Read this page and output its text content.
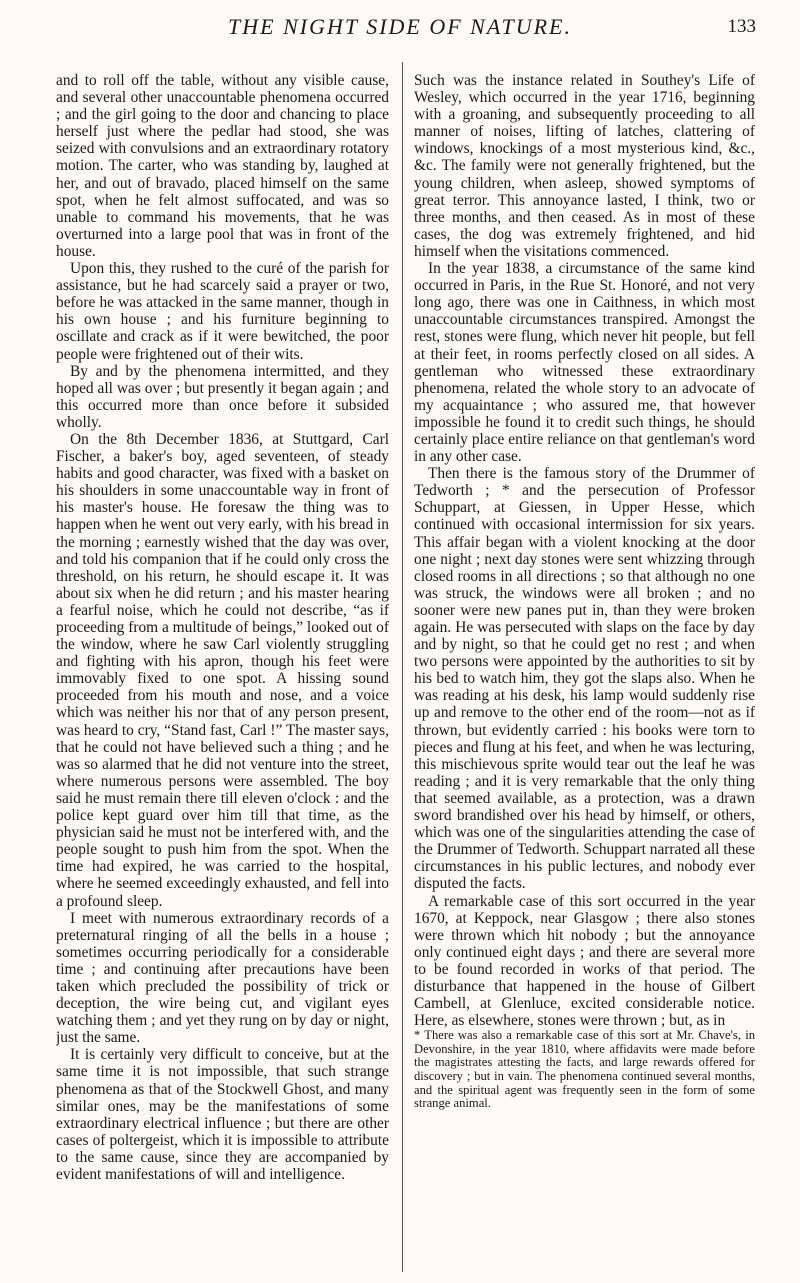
THE NIGHT SIDE OF NATURE.	133

and to roll off the table, without any visible cause, and several other unaccountable phenomena occurred ; and the girl going to the door and chancing to place herself just where the pedlar had stood, she was seized with convulsions and an extraordinary rotatory motion. The carter, who was standing by, laughed at her, and out of bravado, placed himself on the same spot, when he felt almost suffocated, and was so unable to command his movements, that he was overturned into a large pool that was in front of the house.

Upon this, they rushed to the curé of the parish for assistance, but he had scarcely said a prayer or two, before he was attacked in the same manner, though in his own house ; and his furniture beginning to oscillate and crack as if it were bewitched, the poor people were frightened out of their wits.

By and by the phenomena intermitted, and they hoped all was over ; but presently it began again ; and this occurred more than once before it subsided wholly.

On the 8th December 1836, at Stuttgard, Carl Fischer, a baker's boy, aged seventeen, of steady habits and good character, was fixed with a basket on his shoulders in some unaccountable way in front of his master's house. He foresaw the thing was to happen when he went out very early, with his bread in the morning ; earnestly wished that the day was over, and told his companion that if he could only cross the threshold, on his return, he should escape it. It was about six when he did return ; and his master hearing a fearful noise, which he could not describe, “as if proceeding from a multitude of beings,” looked out of the window, where he saw Carl violently struggling and fighting with his apron, though his feet were immovably fixed to one spot. A hissing sound proceeded from his mouth and nose, and a voice which was neither his nor that of any person present, was heard to cry, “Stand fast, Carl !” The master says, that he could not have believed such a thing ; and he was so alarmed that he did not venture into the street, where numerous persons were assembled. The boy said he must remain there till eleven o'clock : and the police kept guard over him till that time, as the physician said he must not be interfered with, and the people sought to push him from the spot. When the time had expired, he was carried to the hospital, where he seemed exceedingly exhausted, and fell into a profound sleep.

I meet with numerous extraordinary records of a preternatural ringing of all the bells in a house ; sometimes occurring periodically for a considerable time ; and continuing after precautions have been taken which precluded the possibility of trick or deception, the wire being cut, and vigilant eyes watching them ; and yet they rung on by day or night, just the same.

It is certainly very difficult to conceive, but at the same time it is not impossible, that such strange phenomena as that of the Stockwell Ghost, and many similar ones, may be the manifestations of some extraordinary electrical influence ; but there are other cases of poltergeist, which it is impossible to attribute to the same cause, since they are accompanied by evident manifestations of will and intelligence.

Such was the instance related in Southey's Life of Wesley, which occurred in the year 1716, beginning with a groaning, and subsequently proceeding to all manner of noises, lifting of latches, clattering of windows, knockings of a most mysterious kind, &c., &c. The family were not generally frightened, but the young children, when asleep, showed symptoms of great terror. This annoyance lasted, I think, two or three months, and then ceased. As in most of these cases, the dog was extremely frightened, and hid himself when the visitations commenced.

In the year 1838, a circumstance of the same kind occurred in Paris, in the Rue St. Honoré, and not very long ago, there was one in Caithness, in which most unaccountable circumstances transpired. Amongst the rest, stones were flung, which never hit people, but fell at their feet, in rooms perfectly closed on all sides. A gentleman who witnessed these extraordinary phenomena, related the whole story to an advocate of my acquaintance ; who assured me, that however impossible he found it to credit such things, he should certainly place entire reliance on that gentleman's word in any other case.

Then there is the famous story of the Drummer of Tedworth ; * and the persecution of Professor Schuppart, at Giessen, in Upper Hesse, which continued with occasional intermission for six years. This affair began with a violent knocking at the door one night ; next day stones were sent whizzing through closed rooms in all directions ; so that although no one was struck, the windows were all broken ; and no sooner were new panes put in, than they were broken again. He was persecuted with slaps on the face by day and by night, so that he could get no rest ; and when two persons were appointed by the authorities to sit by his bed to watch him, they got the slaps also. When he was reading at his desk, his lamp would suddenly rise up and remove to the other end of the room—not as if thrown, but evidently carried : his books were torn to pieces and flung at his feet, and when he was lecturing, this mischievous sprite would tear out the leaf he was reading ; and it is very remarkable that the only thing that seemed available, as a protection, was a drawn sword brandished over his head by himself, or others, which was one of the singularities attending the case of the Drummer of Tedworth. Schuppart narrated all these circumstances in his public lectures, and nobody ever disputed the facts.

A remarkable case of this sort occurred in the year 1670, at Keppock, near Glasgow ; there also stones were thrown which hit nobody ; but the annoyance only continued eight days ; and there are several more to be found recorded in works of that period. The disturbance that happened in the house of Gilbert Cambell, at Glenluce, excited considerable notice. Here, as elsewhere, stones were thrown ; but, as in

* There was also a remarkable case of this sort at Mr. Chave's, in Devonshire, in the year 1810, where affidavits were made before the magistrates attesting the facts, and large rewards offered for discovery ; but in vain. The phenomena continued several months, and the spiritual agent was frequently seen in the form of some strange animal.
